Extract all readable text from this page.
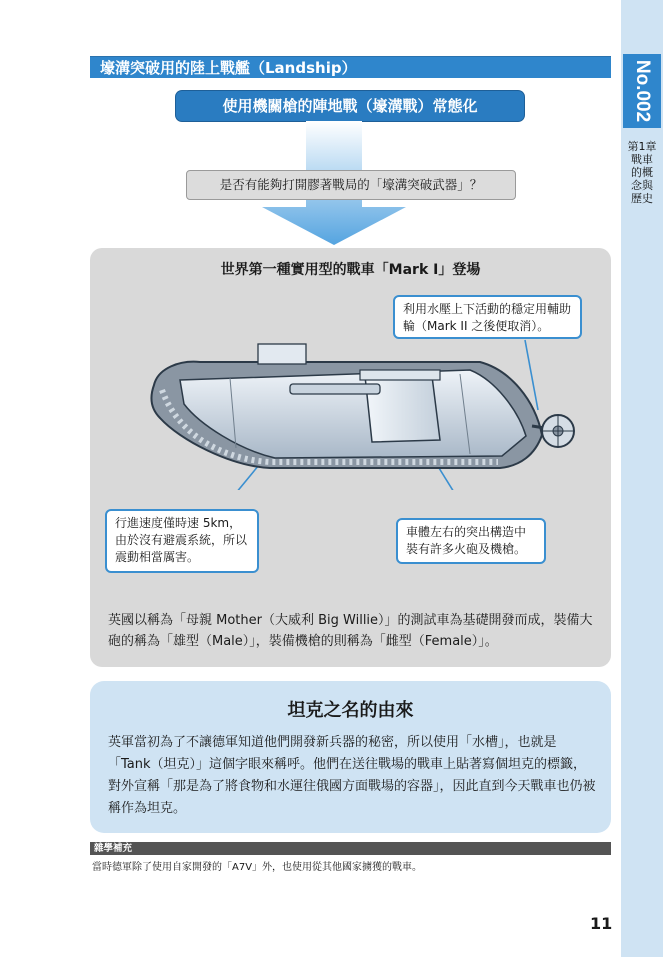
No.002
第1章 戰車的概念與歷史
壕溝突破用的陸上戰艦（Landship）
使用機關槍的陣地戰（壕溝戰）常態化
是否有能夠打開膠著戰局的「壕溝突破武器」？
世界第一種實用型的戰車「Mark I」登場
利用水壓上下活動的穩定用輔助輪（Mark II 之後便取消）。
行進速度僅時速 5km，由於沒有避震系統，所以震動相當厲害。
車體左右的突出構造中裝有許多火砲及機槍。
英國以稱為「母親 Mother（大威利 Big Willie）」的測試車為基礎開發而成，裝備大砲的稱為「雄型（Male）」，裝備機槍的則稱為「雌型（Female）」。
坦克之名的由來
英軍當初為了不讓德軍知道他們開發新兵器的秘密，所以使用「水槽」，也就是「Tank（坦克）」這個字眼來稱呼。他們在送往戰場的戰車上貼著寫個坦克的標籤，對外宣稱「那是為了將食物和水運往俄國方面戰場的容器」，因此直到今天戰車也仍被稱作為坦克。
雜學補充
當時德軍除了使用自家開發的「A7V」外，也使用從其他國家擄獲的戰車。
11
